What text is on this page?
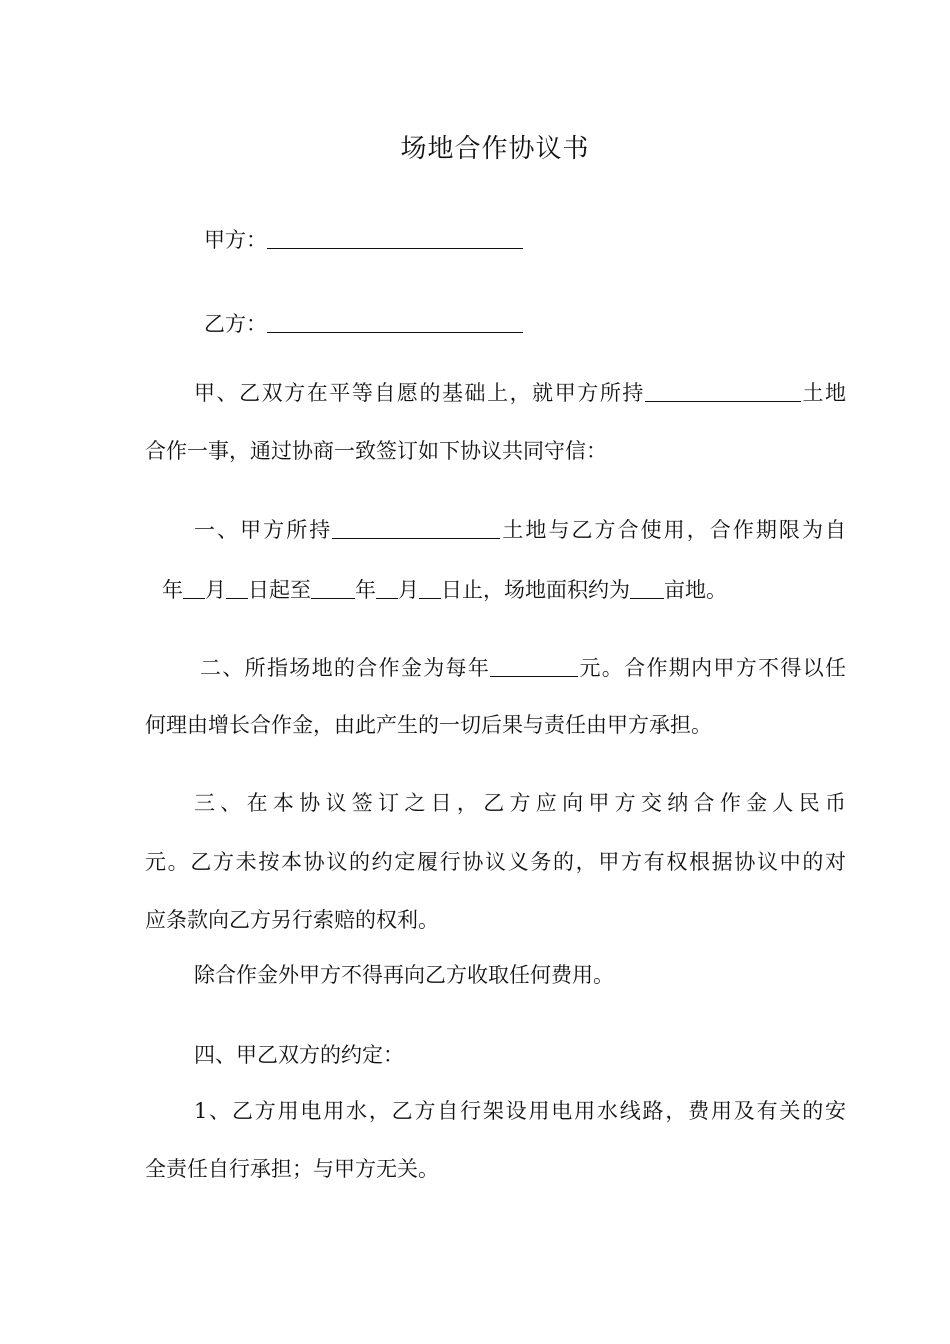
场地合作协议书
甲方：
乙方：
甲、乙双方在平等自愿的基础上，就甲方所持	土地
合作一事，通过协商一致签订如下协议共同守信：
一、甲方所持	土地与乙方合使用，合作期限为自
年 月 日起至 年 月 日止，场地面积约为 亩地。
二、所指场地的合作金为每年	元。合作期内甲方不得以任
何理由增长合作金，由此产生的一切后果与责任由甲方承担。
三、在本协议签订之日，乙方应向甲方交纳合作金人民币
元。乙方未按本协议的约定履行协议义务的，甲方有权根据协议中的对
应条款向乙方另行索赔的权利。
除合作金外甲方不得再向乙方收取任何费用。
四、甲乙双方的约定：
1、乙方用电用水，乙方自行架设用电用水线路，费用及有关的安
全责任自行承担；与甲方无关。
